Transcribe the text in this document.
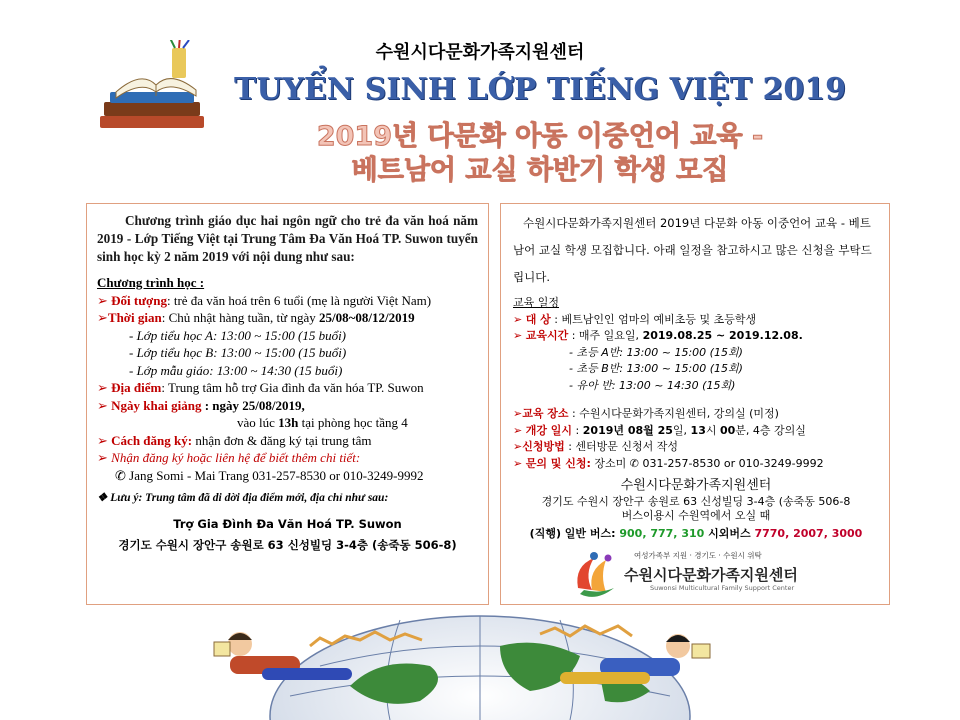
수원시다문화가족지원센터
TUYỂN SINH LỚP TIẾNG VIỆT 2019
2019년 다문화 아동 이중언어 교육 -
베트남어 교실 하반기 학생 모집
Chương trình giáo dục hai ngôn ngữ cho trẻ đa văn hoá năm 2019 - Lớp Tiếng Việt tại Trung Tâm Đa Văn Hoá TP. Suwon tuyển sinh học kỳ 2 năm 2019 với nội dung như sau:
Chương trình học :
➢ Đối tượng: trẻ đa văn hoá trên 6 tuổi (mẹ là người Việt Nam)
➢Thời gian: Chủ nhật hàng tuần, từ ngày 25/08~08/12/2019
- Lớp tiểu học A: 13:00 ~ 15:00 (15 buổi)
- Lớp tiểu học B: 13:00 ~ 15:00 (15 buổi)
- Lớp mẫu giáo: 13:00 ~ 14:30 (15 buổi)
➢ Địa điểm: Trung tâm hỗ trợ Gia đình đa văn hóa TP. Suwon
➢ Ngày khai giảng : ngày 25/08/2019,
vào lúc 13h tại phòng học tầng 4
➢ Cách đăng ký: nhận đơn & đăng ký tại trung tâm
➢ Nhận đăng ký hoặc liên hệ để biết thêm chi tiết:
✆ Jang Somi - Mai Trang 031-257-8530 or 010-3249-9992
❖ Lưu ý: Trung tâm đã di dời địa điểm mới, địa chỉ như sau:
Trợ Gia Đình Đa Văn Hoá TP. Suwon
경기도 수원시 장안구 송원로 63 신성빌딩 3-4층 (송죽동 506-8)
수원시다문화가족지원센터 2019년 다문화 아동 이중언어 교육 - 베트남어 교실 학생 모집합니다. 아래 일정을 참고하시고 많은 신청을 부탁드립니다.
교육 일정
➢ 대 상 : 베트남인인 엄마의 예비초등 및 초등학생
➢ 교육시간 : 매주 일요일, 2019.08.25 ~ 2019.12.08.
- 초등 A반: 13:00 ~ 15:00 (15회)
- 초등 B반: 13:00 ~ 15:00 (15회)
- 유아 반: 13:00 ~ 14:30 (15회)
➢교육 장소 : 수원시다문화가족지원센터, 강의실 (미정)
➢ 개강 일시 : 2019년 08월 25일, 13시 00분, 4층 강의실
➢신청방법 : 센터방문 신청서 작성
➢ 문의 및 신청: 장소미 ✆ 031-257-8530 or 010-3249-9992
수원시다문화가족지원센터
경기도 수원시 장안구 송원로 63 신성빌딩 3-4층 (송죽동 506-8
버스이용시 수원역에서 오실 때
(직행) 일반 버스: 900, 777, 310 시외버스 7770, 2007, 3000
여성가족부 지원 · 경기도 · 수원시 위탁
수원시다문화가족지원센터
Suwonsi Multicultural Family Support Center
